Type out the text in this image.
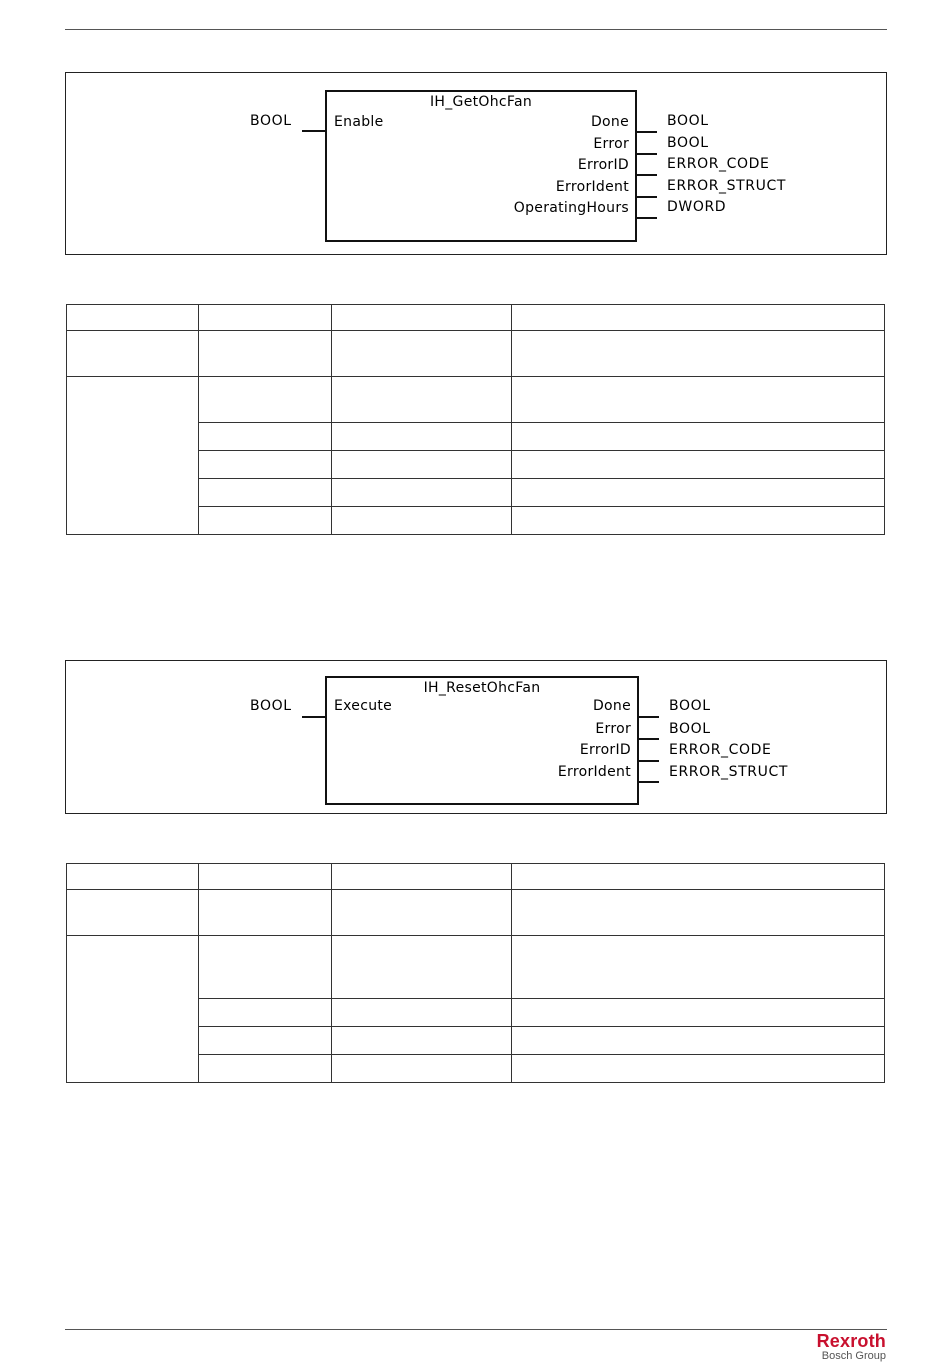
BOOL
IH_GetOhcFan
Enable	Done
Error
ErrorID
ErrorIdent
OperatingHours
BOOL
BOOL
ERROR_CODE
ERROR_STRUCT
DWORD

BOOL
IH_ResetOhcFan
Execute	Done
Error
ErrorID
ErrorIdent
BOOL
BOOL
ERROR_CODE
ERROR_STRUCT

Rexroth
Bosch Group
